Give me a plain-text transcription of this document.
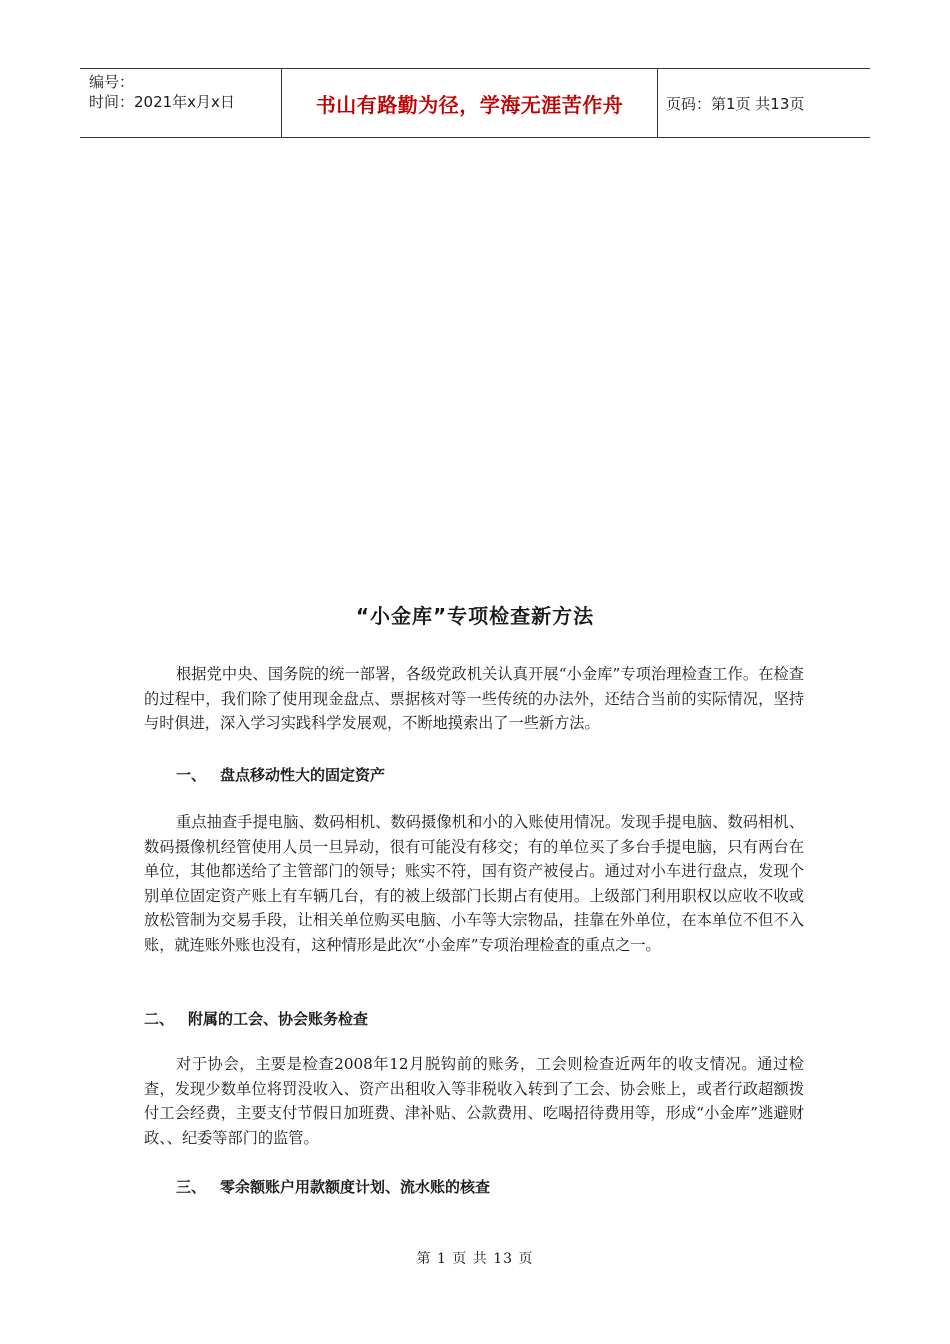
编号：
时间：2021年x月x日	书山有路勤为径，学海无涯苦作舟	页码：第1页 共13页
“小金库”专项检查新方法

根据党中央、国务院的统一部署，各级党政机关认真开展“小金库”专项治理检查工作。在检查的过程中，我们除了使用现金盘点、票据核对等一些传统的办法外，还结合当前的实际情况，坚持与时俱进，深入学习实践科学发展观，不断地摸索出了一些新方法。

一、 盘点移动性大的固定资产

重点抽查手提电脑、数码相机、数码摄像机和小的入账使用情况。发现手提电脑、数码相机、数码摄像机经管使用人员一旦异动，很有可能没有移交；有的单位买了多台手提电脑，只有两台在单位，其他都送给了主管部门的领导；账实不符，国有资产被侵占。通过对小车进行盘点，发现个别单位固定资产账上有车辆几台，有的被上级部门长期占有使用。上级部门利用职权以应收不收或放松管制为交易手段，让相关单位购买电脑、小车等大宗物品，挂靠在外单位，在本单位不但不入账，就连账外账也没有，这种情形是此次“小金库”专项治理检查的重点之一。

二、 附属的工会、协会账务检查

对于协会，主要是检查2008年12月脱钩前的账务，工会则检查近两年的收支情况。通过检查，发现少数单位将罚没收入、资产出租收入等非税收入转到了工会、协会账上，或者行政超额拨付工会经费，主要支付节假日加班费、津补贴、公款费用、吃喝招待费用等，形成“小金库”逃避财政、、纪委等部门的监管。

三、 零余额账户用款额度计划、流水账的核查
第 1 页 共 13 页
